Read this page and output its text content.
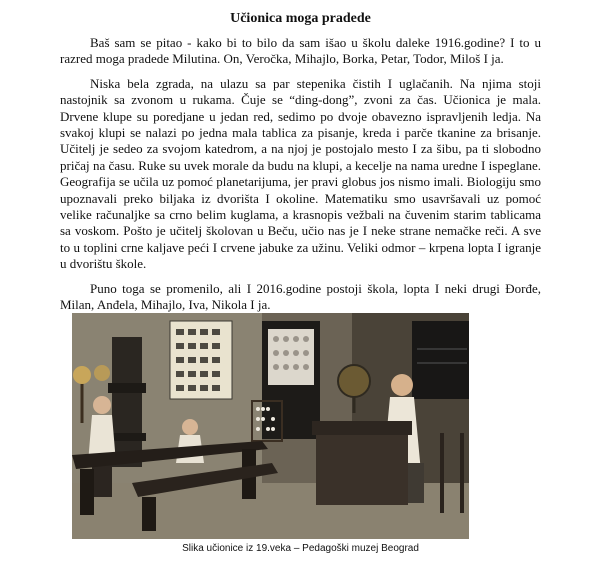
Učionica moga pradede

Baš sam se pitao - kako bi to bilo da sam išao u školu daleke 1916.godine? I to u razred moga pradede Milutina. On, Veročka, Mihajlo, Borka, Petar, Todor, Miloš I ja.

Niska bela zgrada, na ulazu sa par stepenika čistih I uglačanih. Na njima stoji nastojnik sa zvonom u rukama. Čuje se “ding-dong”, zvoni za čas. Učionica je mala. Drvene klupe su poredjane u jedan red, sedimo po dvoje obavezno ispravljenih ledja. Na svakoj klupi se nalazi po jedna mala tablica za pisanje, kreda i parče tkanine za brisanje. Učitelj je sedeo za svojom katedrom, a na njoj je postojalo mesto I za šibu, pa ti slobodno pričaj na času. Ruke su uvek morale da budu na klupi, a kecelje na nama uredne I ispeglane. Geografija se učila uz pomoć planetarijuma, jer pravi globus jos nismo imali. Biologiju smo upoznavali preko biljaka iz dvorišta I okoline. Matematiku smo usavršavali uz pomoć velike računaljke sa crno belim kuglama, a krasnopis vežbali na čuvenim starim tablicama sa voskom. Pošto je učitelj školovan u Beču, učio nas je I neke strane nemačke reči. A sve to u toplini crne kaljave peći I crvene jabuke za užinu. Veliki odmor – krpena lopta I igranje u dvorištu škole.

Puno toga se promenilo, ali I 2016.godine postoji škola, lopta I neki drugi Đorđe, Milan, Anđela, Mihajlo, Iva, Nikola I ja.

Slika učionice iz 19.veka – Pedagoški muzej Beograd
